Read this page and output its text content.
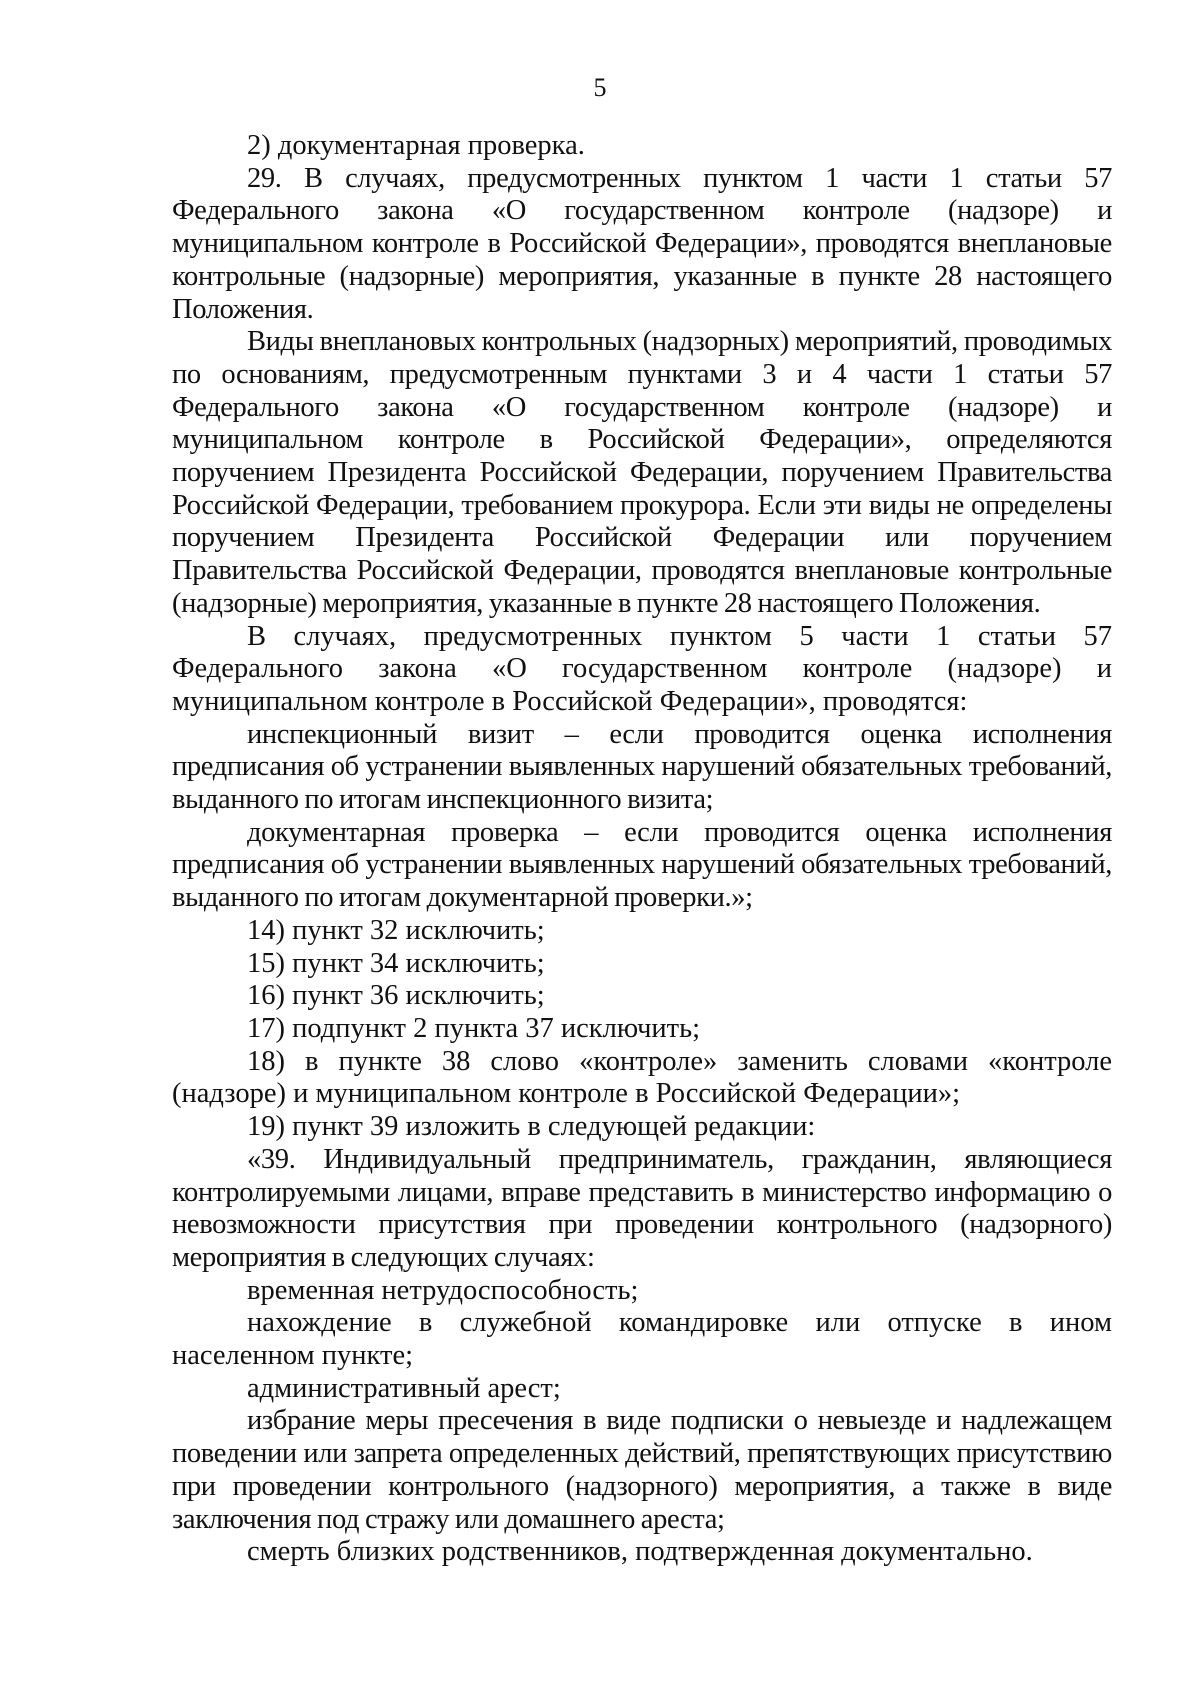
5

2) документарная проверка.

29. В случаях, предусмотренных пунктом 1 части 1 статьи 57 Федерального закона «О государственном контроле (надзоре) и муниципальном контроле в Российской Федерации», проводятся внеплановые контрольные (надзорные) мероприятия, указанные в пункте 28 настоящего Положения.

Виды внеплановых контрольных (надзорных) мероприятий, проводимых по основаниям, предусмотренным пунктами 3 и 4 части 1 статьи 57 Федерального закона «О государственном контроле (надзоре) и муниципальном контроле в Российской Федерации», определяются поручением Президента Российской Федерации, поручением Правительства Российской Федерации, требованием прокурора. Если эти виды не определены поручением Президента Российской Федерации или поручением Правительства Российской Федерации, проводятся внеплановые контрольные (надзорные) мероприятия, указанные в пункте 28 настоящего Положения.

В случаях, предусмотренных пунктом 5 части 1 статьи 57 Федерального закона «О государственном контроле (надзоре) и муниципальном контроле в Российской Федерации», проводятся:

инспекционный визит – если проводится оценка исполнения предписания об устранении выявленных нарушений обязательных требований, выданного по итогам инспекционного визита;

документарная проверка – если проводится оценка исполнения предписания об устранении выявленных нарушений обязательных требований, выданного по итогам документарной проверки.»;

14) пункт 32 исключить;

15) пункт 34 исключить;

16) пункт 36 исключить;

17) подпункт 2 пункта 37 исключить;

18) в пункте 38 слово «контроле» заменить словами «контроле (надзоре) и муниципальном контроле в Российской Федерации»;

19) пункт 39 изложить в следующей редакции:

«39. Индивидуальный предприниматель, гражданин, являющиеся контролируемыми лицами, вправе представить в министерство информацию о невозможности присутствия при проведении контрольного (надзорного) мероприятия в следующих случаях:

временная нетрудоспособность;

нахождение в служебной командировке или отпуске в ином населенном пункте;

административный арест;

избрание меры пресечения в виде подписки о невыезде и надлежащем поведении или запрета определенных действий, препятствующих присутствию при проведении контрольного (надзорного) мероприятия, а также в виде заключения под стражу или домашнего ареста;

смерть близких родственников, подтвержденная документально.
